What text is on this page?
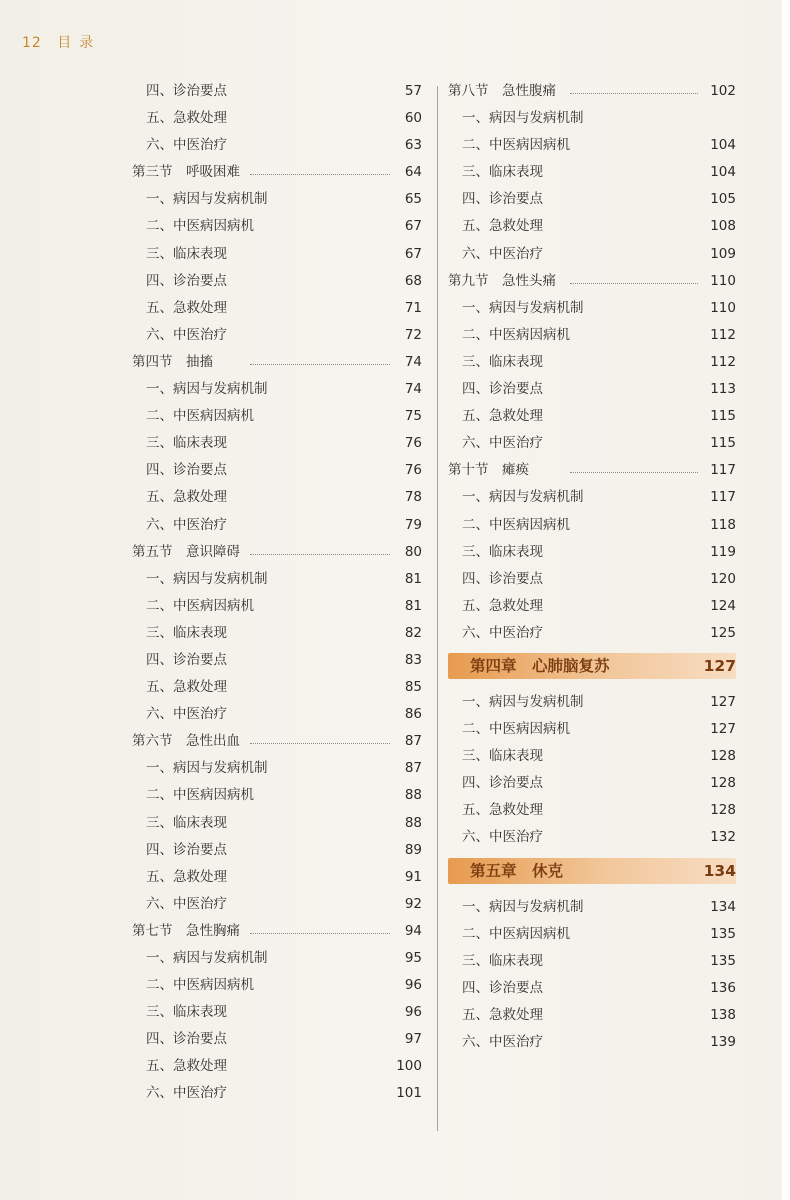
12 目录
四、诊治要点	57
五、急救处理	60
六、中医治疗	63
第三节　呼吸困难	64
一、病因与发病机制	65
二、中医病因病机	67
三、临床表现	67
四、诊治要点	68
五、急救处理	71
六、中医治疗	72
第四节　抽搐	74
一、病因与发病机制	74
二、中医病因病机	75
三、临床表现	76
四、诊治要点	76
五、急救处理	78
六、中医治疗	79
第五节　意识障碍	80
一、病因与发病机制	81
二、中医病因病机	81
三、临床表现	82
四、诊治要点	83
五、急救处理	85
六、中医治疗	86
第六节　急性出血	87
一、病因与发病机制	87
二、中医病因病机	88
三、临床表现	88
四、诊治要点	89
五、急救处理	91
六、中医治疗	92
第七节　急性胸痛	94
一、病因与发病机制	95
二、中医病因病机	96
三、临床表现	96
四、诊治要点	97
五、急救处理	100
六、中医治疗	101
第八节　急性腹痛	102
一、病因与发病机制
二、中医病因病机	104
三、临床表现	104
四、诊治要点	105
五、急救处理	108
六、中医治疗	109
第九节　急性头痛	110
一、病因与发病机制	110
二、中医病因病机	112
三、临床表现	112
四、诊治要点	113
五、急救处理	115
六、中医治疗	115
第十节　瘫痪	117
一、病因与发病机制	117
二、中医病因病机	118
三、临床表现	119
四、诊治要点	120
五、急救处理	124
六、中医治疗	125
第四章　心肺脑复苏	127
一、病因与发病机制	127
二、中医病因病机	127
三、临床表现	128
四、诊治要点	128
五、急救处理	128
六、中医治疗	132
第五章　休克	134
一、病因与发病机制	134
二、中医病因病机	135
三、临床表现	135
四、诊治要点	136
五、急救处理	138
六、中医治疗	139
